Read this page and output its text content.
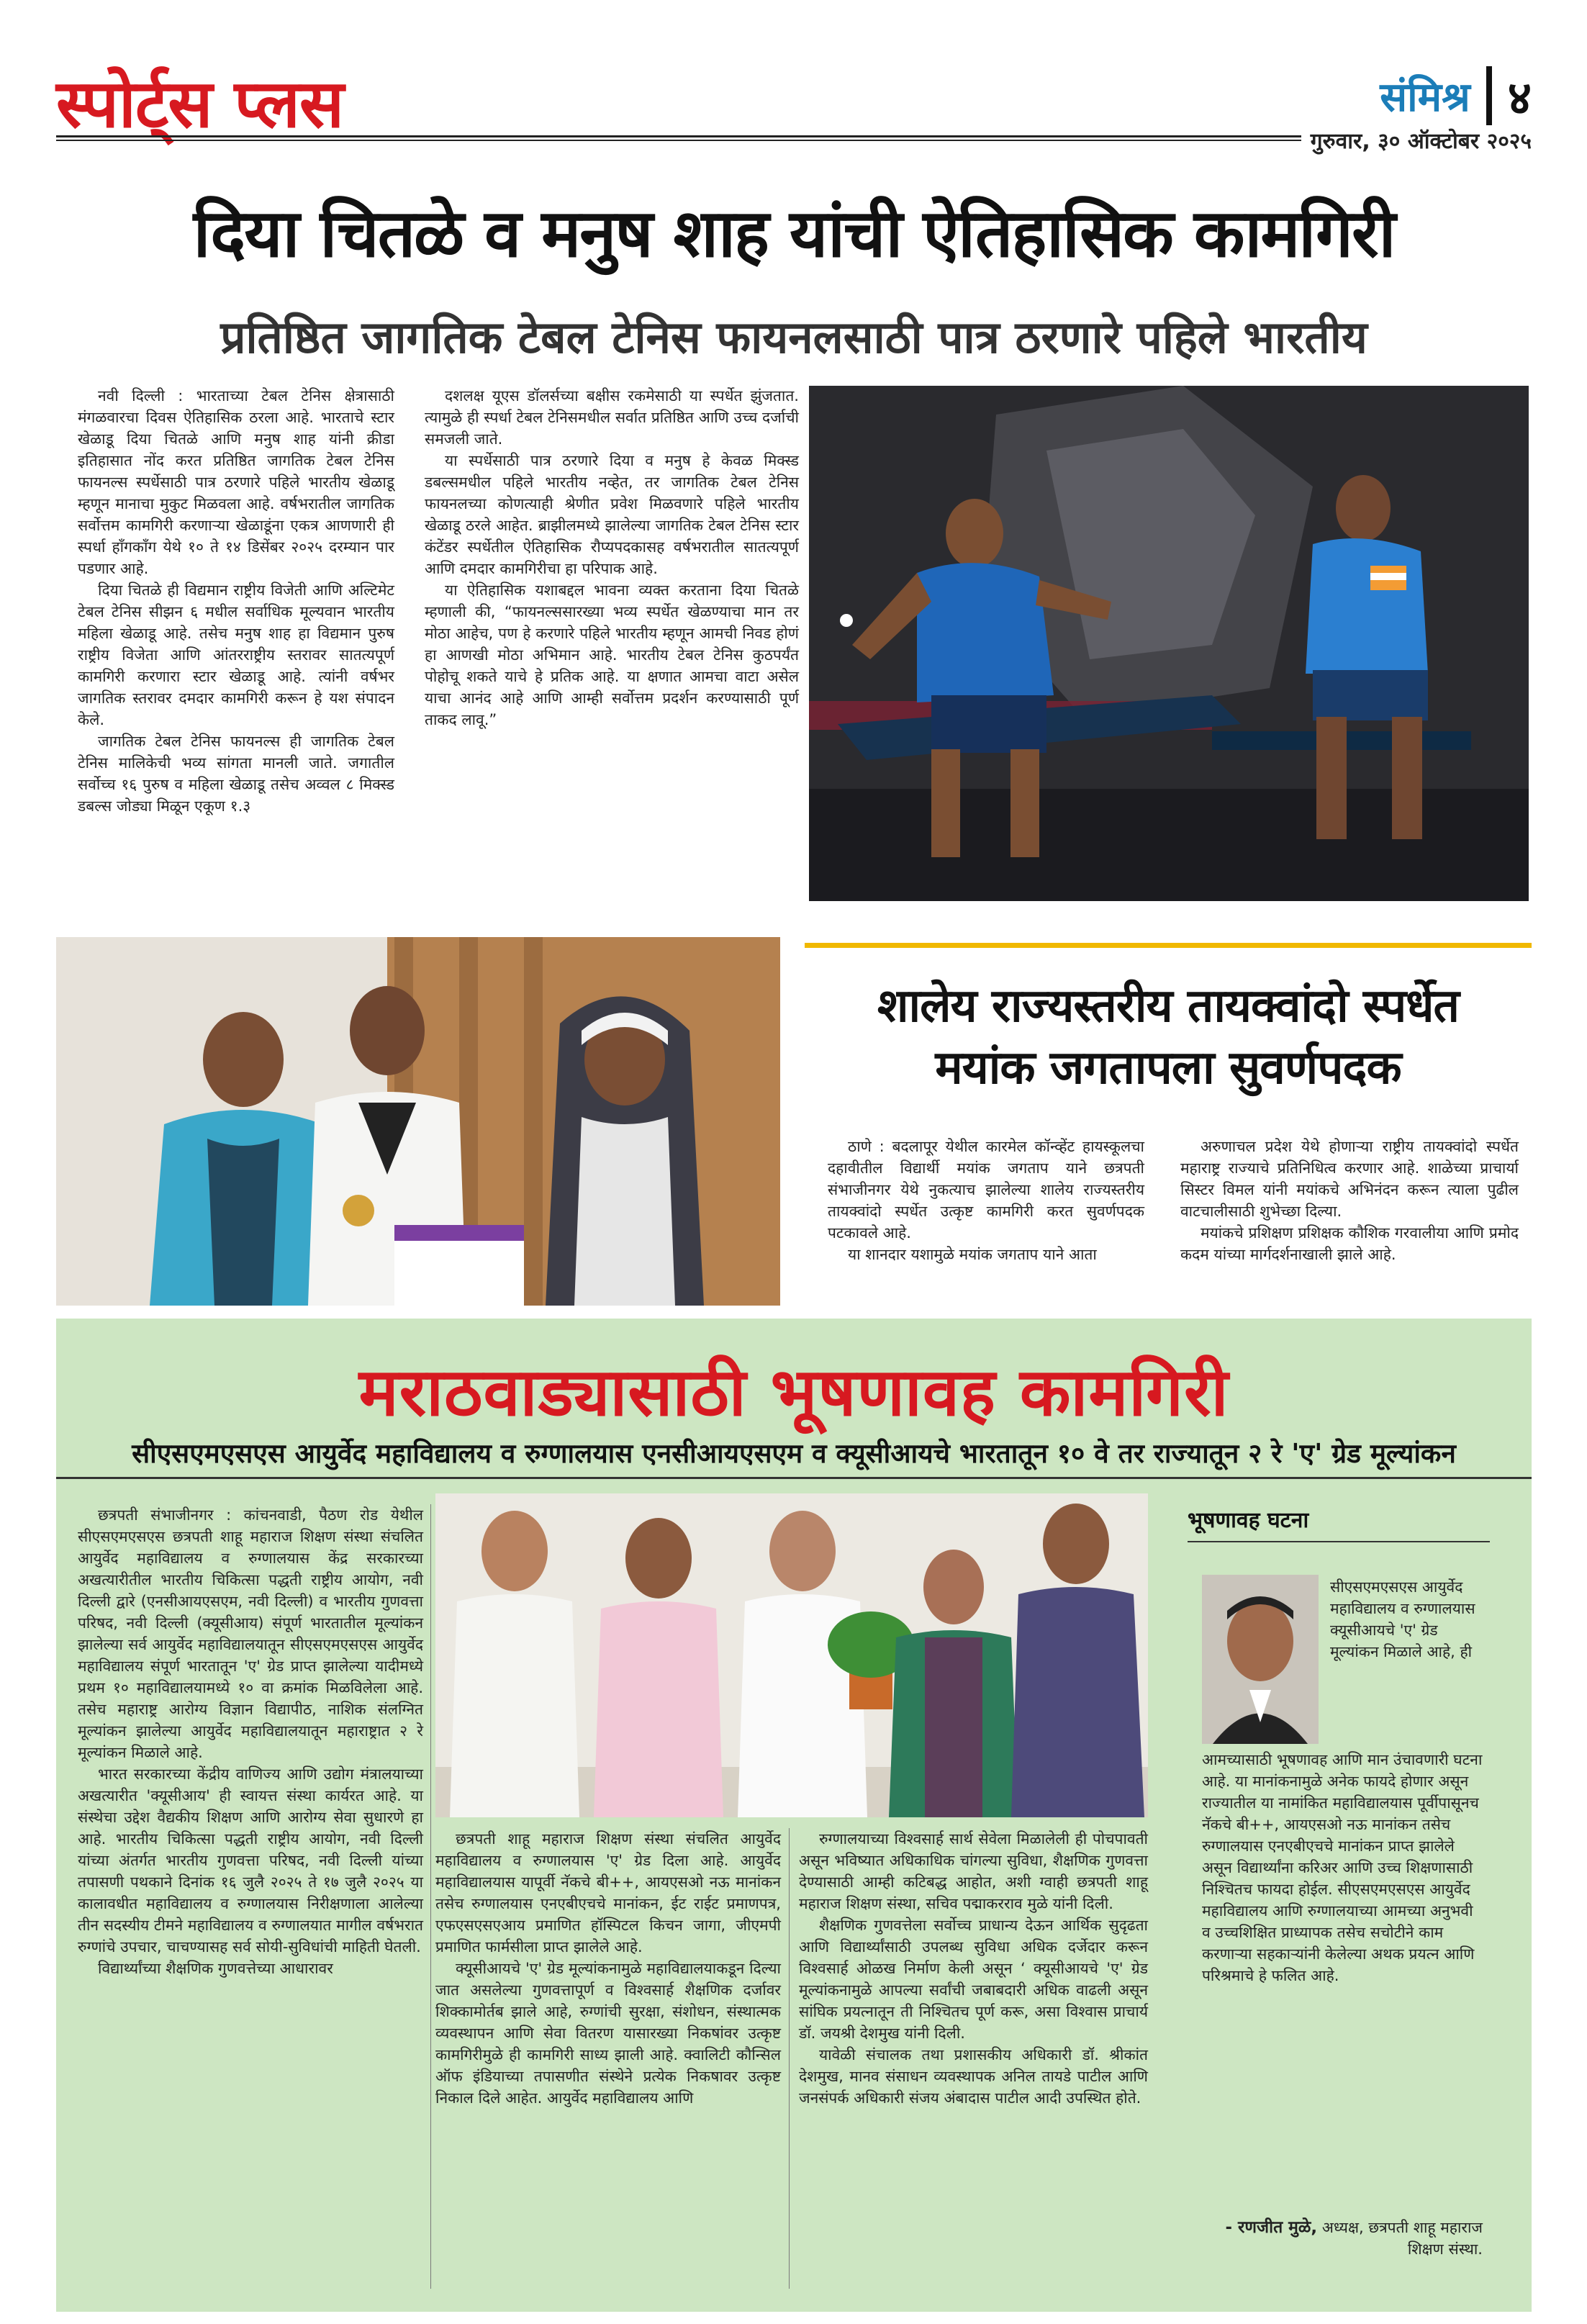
स्पोर्ट्स प्लस	संमिश्र ४
गुरुवार, ३० ऑक्टोबर २०२५
दिया चितळे व मनुष शाह यांची ऐतिहासिक कामगिरी
प्रतिष्ठित जागतिक टेबल टेनिस फायनलसाठी पात्र ठरणारे पहिले भारतीय

नवी दिल्ली : भारताच्या टेबल टेनिस क्षेत्रासाठी मंगळवारचा दिवस ऐतिहासिक ठरला आहे. भारताचे स्टार खेळाडू दिया चितळे आणि मनुष शाह यांनी क्रीडा इतिहासात नोंद करत प्रतिष्ठित जागतिक टेबल टेनिस फायनल्स स्पर्धेसाठी पात्र ठरणारे पहिले भारतीय खेळाडू म्हणून मानाचा मुकुट मिळवला आहे. वर्षभरातील जागतिक सर्वोत्तम कामगिरी करणाऱ्या खेळाडूंना एकत्र आणणारी ही स्पर्धा हाँगकाँग येथे १० ते १४ डिसेंबर २०२५ दरम्यान पार पडणार आहे.

दिया चितळे ही विद्यमान राष्ट्रीय विजेती आणि अल्टिमेट टेबल टेनिस सीझन ६ मधील सर्वाधिक मूल्यवान भारतीय महिला खेळाडू आहे. तसेच मनुष शाह हा विद्यमान पुरुष राष्ट्रीय विजेता आणि आंतरराष्ट्रीय स्तरावर सातत्यपूर्ण कामगिरी करणारा स्टार खेळाडू आहे. त्यांनी वर्षभर जागतिक स्तरावर दमदार कामगिरी करून हे यश संपादन केले.

जागतिक टेबल टेनिस फायनल्स ही जागतिक टेबल टेनिस मालिकेची भव्य सांगता मानली जाते. जगातील सर्वोच्च १६ पुरुष व महिला खेळाडू तसेच अव्वल ८ मिक्स्ड डबल्स जोड्या मिळून एकूण १.३

दशलक्ष यूएस डॉलर्सच्या बक्षीस रकमेसाठी या स्पर्धेत झुंजतात. त्यामुळे ही स्पर्धा टेबल टेनिसमधील सर्वात प्रतिष्ठित आणि उच्च दर्जाची समजली जाते.

या स्पर्धेसाठी पात्र ठरणारे दिया व मनुष हे केवळ मिक्स्ड डबल्समधील पहिले भारतीय नव्हेत, तर जागतिक टेबल टेनिस फायनलच्या कोणत्याही श्रेणीत प्रवेश मिळवणारे पहिले भारतीय खेळाडू ठरले आहेत. ब्राझीलमध्ये झालेल्या जागतिक टेबल टेनिस स्टार कंटेंडर स्पर्धेतील ऐतिहासिक रौप्यपदकासह वर्षभरातील सातत्यपूर्ण आणि दमदार कामगिरीचा हा परिपाक आहे.

या ऐतिहासिक यशाबद्दल भावना व्यक्त करताना दिया चितळे म्हणाली की, “फायनल्ससारख्या भव्य स्पर्धेत खेळण्याचा मान तर मोठा आहेच, पण हे करणारे पहिले भारतीय म्हणून आमची निवड होणं हा आणखी मोठा अभिमान आहे. भारतीय टेबल टेनिस कुठपर्यंत पोहोचू शकते याचे हे प्रतिक आहे. या क्षणात आमचा वाटा असेल याचा आनंद आहे आणि आम्ही सर्वोत्तम प्रदर्शन करण्यासाठी पूर्ण ताकद लावू.”

शालेय राज्यस्तरीय तायक्वांदो स्पर्धेत
मयांक जगतापला सुवर्णपदक

ठाणे : बदलापूर येथील कारमेल कॉन्व्हेंट हायस्कूलचा दहावीतील विद्यार्थी मयांक जगताप याने छत्रपती संभाजीनगर येथे नुकत्याच झालेल्या शालेय राज्यस्तरीय तायक्वांदो स्पर्धेत उत्कृष्ट कामगिरी करत सुवर्णपदक पटकावले आहे.

या शानदार यशामुळे मयांक जगताप याने आता

अरुणाचल प्रदेश येथे होणाऱ्या राष्ट्रीय तायक्वांदो स्पर्धेत महाराष्ट्र राज्याचे प्रतिनिधित्व करणार आहे. शाळेच्या प्राचार्या सिस्टर विमल यांनी मयांकचे अभिनंदन करून त्याला पुढील वाटचालीसाठी शुभेच्छा दिल्या.

मयांकचे प्रशिक्षण प्रशिक्षक कौशिक गरवालीया आणि प्रमोद कदम यांच्या मार्गदर्शनाखाली झाले आहे.

मराठवाड्यासाठी भूषणावह कामगिरी
सीएसएमएसएस आयुर्वेद महाविद्यालय व रुग्णालयास एनसीआयएसएम व क्यूसीआयचे भारतातून १० वे तर राज्यातून २ रे 'ए' ग्रेड मूल्यांकन

छत्रपती संभाजीनगर : कांचनवाडी, पैठण रोड येथील सीएसएमएसएस छत्रपती शाहू महाराज शिक्षण संस्था संचलित आयुर्वेद महाविद्यालय व रुग्णालयास केंद्र सरकारच्या अखत्यारीतील भारतीय चिकित्सा पद्धती राष्ट्रीय आयोग, नवी दिल्ली द्वारे (एनसीआयएसएम, नवी दिल्ली) व भारतीय गुणवत्ता परिषद, नवी दिल्ली (क्यूसीआय) संपूर्ण भारतातील मूल्यांकन झालेल्या सर्व आयुर्वेद महाविद्यालयातून सीएसएमएसएस आयुर्वेद महाविद्यालय संपूर्ण भारतातून 'ए' ग्रेड प्राप्त झालेल्या यादीमध्ये प्रथम १० महाविद्यालयामध्ये १० वा क्रमांक मिळविलेला आहे. तसेच महाराष्ट्र आरोग्य विज्ञान विद्यापीठ, नाशिक संलग्नित मूल्यांकन झालेल्या आयुर्वेद महाविद्यालयातून महाराष्ट्रात २ रे मूल्यांकन मिळाले आहे.

भारत सरकारच्या केंद्रीय वाणिज्य आणि उद्योग मंत्रालयाच्या अखत्यारीत 'क्यूसीआय' ही स्वायत्त संस्था कार्यरत आहे. या संस्थेचा उद्देश वैद्यकीय शिक्षण आणि आरोग्य सेवा सुधारणे हा आहे. भारतीय चिकित्सा पद्धती राष्ट्रीय आयोग, नवी दिल्ली यांच्या अंतर्गत भारतीय गुणवत्ता परिषद, नवी दिल्ली यांच्या तपासणी पथकाने दिनांक १६ जुलै २०२५ ते १७ जुलै २०२५ या कालावधीत महाविद्यालय व रुग्णालयास निरीक्षणाला आलेल्या तीन सदस्यीय टीमने महाविद्यालय व रुग्णालयात मागील वर्षभरात रुग्णांचे उपचार, चाचण्यासह सर्व सोयी-सुविधांची माहिती घेतली.

विद्यार्थ्यांच्या शैक्षणिक गुणवत्तेच्या आधारावर

छत्रपती शाहू महाराज शिक्षण संस्था संचलित आयुर्वेद महाविद्यालय व रुग्णालयास 'ए' ग्रेड दिला आहे. आयुर्वेद महाविद्यालयास यापूर्वी नॅकचे बी++, आयएसओ नऊ मानांकन तसेच रुग्णालयास एनएबीएचचे मानांकन, ईट राईट प्रमाणपत्र, एफएसएसएआय प्रमाणित हॉस्पिटल किचन जागा, जीएमपी प्रमाणित फार्मसीला प्राप्त झालेले आहे.

क्यूसीआयचे 'ए' ग्रेड मूल्यांकनामुळे महाविद्यालयाकडून दिल्या जात असलेल्या गुणवत्तापूर्ण व विश्वसार्ह शैक्षणिक दर्जावर शिक्कामोर्तब झाले आहे, रुग्णांची सुरक्षा, संशोधन, संस्थात्मक व्यवस्थापन आणि सेवा वितरण यासारख्या निकषांवर उत्कृष्ट कामगिरीमुळे ही कामगिरी साध्य झाली आहे. क्वालिटी कौन्सिल ऑफ इंडियाच्या तपासणीत संस्थेने प्रत्येक निकषावर उत्कृष्ट निकाल दिले आहेत. आयुर्वेद महाविद्यालय आणि

रुग्णालयाच्या विश्वसार्ह सार्थ सेवेला मिळालेली ही पोचपावती असून भविष्यात अधिकाधिक चांगल्या सुविधा, शैक्षणिक गुणवत्ता देण्यासाठी आम्ही कटिबद्ध आहोत, अशी ग्वाही छत्रपती शाहू महाराज शिक्षण संस्था, सचिव पद्माकरराव मुळे यांनी दिली.

शैक्षणिक गुणवत्तेला सर्वोच्च प्राधान्य देऊन आर्थिक सुदृढता आणि विद्यार्थ्यांसाठी उपलब्ध सुविधा अधिक दर्जेदार करून विश्वसार्ह ओळख निर्माण केली असून ‘ क्यूसीआयचे 'ए' ग्रेड मूल्यांकनामुळे आपल्या सर्वांची जबाबदारी अधिक वाढली असून सांघिक प्रयत्नातून ती निश्चितच पूर्ण करू, असा विश्वास प्राचार्य डॉ. जयश्री देशमुख यांनी दिली.

यावेळी संचालक तथा प्रशासकीय अधिकारी डॉ. श्रीकांत देशमुख, मानव संसाधन व्यवस्थापक अनिल तायडे पाटील आणि जनसंपर्क अधिकारी संजय अंबादास पाटील आदी उपस्थित होते.

भूषणावह घटना
सीएसएमएसएस आयुर्वेद महाविद्यालय व रुग्णालयास क्यूसीआयचे 'ए' ग्रेड मूल्यांकन मिळाले आहे, ही
आमच्यासाठी भूषणावह आणि मान उंचावणारी घटना आहे. या मानांकनामुळे अनेक फायदे होणार असून राज्यातील या नामांकित महाविद्यालयास पूर्वीपासूनच नॅकचे बी++, आयएसओ नऊ मानांकन तसेच रुग्णालयास एनएबीएचचे मानांकन प्राप्त झालेले असून विद्यार्थ्यांना करिअर आणि उच्च शिक्षणासाठी निश्चितच फायदा होईल. सीएसएमएसएस आयुर्वेद महाविद्यालय आणि रुग्णालयाच्या आमच्या अनुभवी व उच्चशिक्षित प्राध्यापक तसेच सचोटीने काम करणाऱ्या सहकाऱ्यांनी केलेल्या अथक प्रयत्न आणि परिश्रमाचे हे फलित आहे.
- रणजीत मुळे, अध्यक्ष, छत्रपती शाहू महाराज शिक्षण संस्था.
